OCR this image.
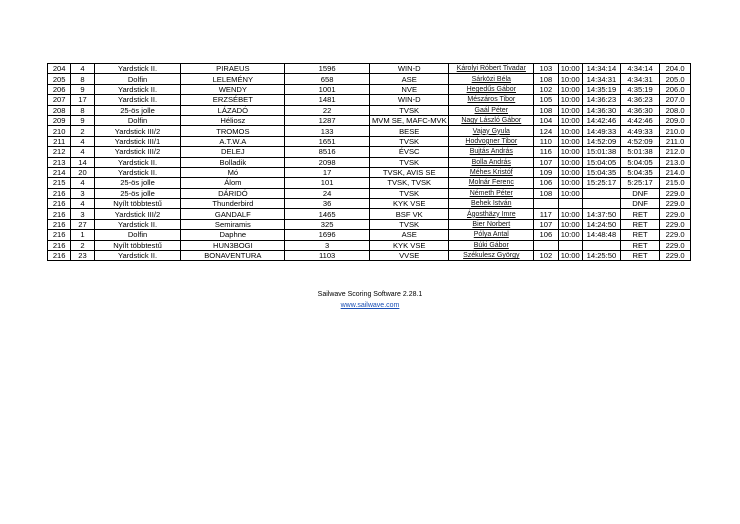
204	4	Yardstick II.	PIRAEUS	1596	WIN-D	Károlyi Róbert Tivadar	103	10:00	14:34:14	4:34:14	204.0
205	8	Dolfin	LELEMÉNY	658	ASE	Sárközi Béla	108	10:00	14:34:31	4:34:31	205.0
206	9	Yardstick II.	WENDY	1001	NVE	Hegedűs Gábor	102	10:00	14:35:19	4:35:19	206.0
207	17	Yardstick II.	ERZSÉBET	1481	WIN-D	Mészáros Tibor	105	10:00	14:36:23	4:36:23	207.0
208	8	25-ös jolle	LÁZADÓ	22	TVSK	Gaál Péter	108	10:00	14:36:30	4:36:30	208.0
209	9	Dolfin	Héliosz	1287	MVM SE, MAFC-MVK	Nagy László Gábor	104	10:00	14:42:46	4:42:46	209.0
210	2	Yardstick III/2	TROMOS	133	BESE	Vajay Gyula	124	10:00	14:49:33	4:49:33	210.0
211	4	Yardstick III/1	A.T.W.A	1651	TVSK	Hodvogner Tibor	110	10:00	14:52:09	4:52:09	211.0
212	4	Yardstick III/2	DELEJ	8516	ÉVSC	Bujtás András	116	10:00	15:01:38	5:01:38	212.0
213	14	Yardstick II.	Bolladik	2098	TVSK	Bolla András	107	10:00	15:04:05	5:04:05	213.0
214	20	Yardstick II.	Mó	17	TVSK, AVIS SE	Méhes Kristóf	109	10:00	15:04:35	5:04:35	214.0
215	4	25-ös jolle	Álom	101	TVSK, TVSK	Molnár Ferenc	106	10:00	15:25:17	5:25:17	215.0
216	3	25-ös jolle	DÁRIDÓ	24	TVSK	Németh Péter	108	10:00		DNF	229.0
216	4	Nyílt többtestű	Thunderbird	36	KYK VSE	Behek István				DNF	229.0
216	3	Yardstick III/2	GANDALF	1465	BSF VK	Ágosthäzy Imre	117	10:00	14:37:50	RET	229.0
216	27	Yardstick II.	Semiramis	325	TVSK	Bier Norbert	107	10:00	14:24:50	RET	229.0
216	1	Dolfin	Daphne	1696	ASE	Pólya Antal	106	10:00	14:48:48	RET	229.0
216	2	Nyílt többtestű	HUN3BOGI	3	KYK VSE	Búki Gábor				RET	229.0
216	23	Yardstick II.	BONAVENTURA	1103	VVSE	Székulesz György	102	10:00	14:25:50	RET	229.0
Sailwave Scoring Software 2.28.1
www.sailwave.com
